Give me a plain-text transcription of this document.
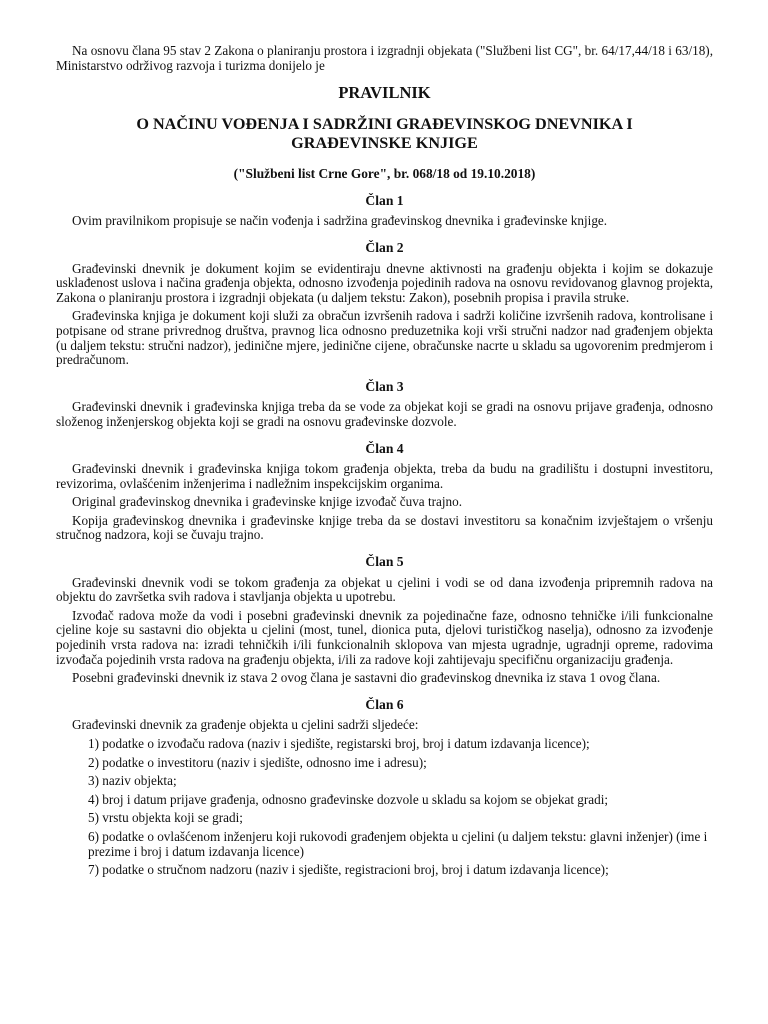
Na osnovu člana 95 stav 2 Zakona o planiranju prostora i izgradnji objekata ("Službeni list CG", br. 64/17,44/18 i 63/18), Ministarstvo održivog razvoja i turizma donijelo je

PRAVILNIK
O NAČINU VOĐENJA I SADRŽINI GRAĐEVINSKOG DNEVNIKA I GRAĐEVINSKE KNJIGE
("Službeni list Crne Gore", br. 068/18 od 19.10.2018)
Član 1

Ovim pravilnikom propisuje se način vođenja i sadržina građevinskog dnevnika i građevinske knjige.

Član 2

Građevinski dnevnik je dokument kojim se evidentiraju dnevne aktivnosti na građenju objekta i kojim se dokazuje usklađenost uslova i načina građenja objekta, odnosno izvođenja pojedinih radova na osnovu revidovanog glavnog projekta, Zakona o planiranju prostora i izgradnji objekata (u daljem tekstu: Zakon), posebnih propisa i pravila struke.

Građevinska knjiga je dokument koji služi za obračun izvršenih radova i sadrži količine izvršenih radova, kontrolisane i potpisane od strane privrednog društva, pravnog lica odnosno preduzetnika koji vrši stručni nadzor nad građenjem objekta (u daljem tekstu: stručni nadzor), jedinične mjere, jedinične cijene, obračunske nacrte u skladu sa ugovorenim predmjerom i predračunom.

Član 3

Građevinski dnevnik i građevinska knjiga treba da se vode za objekat koji se gradi na osnovu prijave građenja, odnosno složenog inženjerskog objekta koji se gradi na osnovu građevinske dozvole.

Član 4

Građevinski dnevnik i građevinska knjiga tokom građenja objekta, treba da budu na gradilištu i dostupni investitoru, revizorima, ovlašćenim inženjerima i nadležnim inspekcijskim organima.

Original građevinskog dnevnika i građevinske knjige izvođač čuva trajno.

Kopija građevinskog dnevnika i građevinske knjige treba da se dostavi investitoru sa konačnim izvještajem o vršenju stručnog nadzora, koji se čuvaju trajno.

Član 5

Građevinski dnevnik vodi se tokom građenja za objekat u cjelini i vodi se od dana izvođenja pripremnih radova na objektu do završetka svih radova i stavljanja objekta u upotrebu.

Izvođač radova može da vodi i posebni građevinski dnevnik za pojedinačne faze, odnosno tehničke i/ili funkcionalne cjeline koje su sastavni dio objekta u cjelini (most, tunel, dionica puta, djelovi turističkog naselja), odnosno za izvođenje pojedinih vrsta radova na: izradi tehničkih i/ili funkcionalnih sklopova van mjesta ugradnje, ugradnji opreme, radovima izvođača pojedinih vrsta radova na građenju objekta, i/ili za radove koji zahtijevaju specifičnu organizaciju građenja.

Posebni građevinski dnevnik iz stava 2 ovog člana je sastavni dio građevinskog dnevnika iz stava 1 ovog člana.

Član 6

Građevinski dnevnik za građenje objekta u cjelini sadrži sljedeće:

1) podatke o izvođaču radova (naziv i sjedište, registarski broj, broj i datum izdavanja licence);
2) podatke o investitoru (naziv i sjedište, odnosno ime i adresu);
3) naziv objekta;
4) broj i datum prijave građenja, odnosno građevinske dozvole u skladu sa kojom se objekat gradi;
5) vrstu objekta koji se gradi;
6) podatke o ovlašćenom inženjeru koji rukovodi građenjem objekta u cjelini (u daljem tekstu: glavni inženjer) (ime i prezime i broj i datum izdavanja licence)
7) podatke o stručnom nadzoru (naziv i sjedište, registracioni broj, broj i datum izdavanja licence);
